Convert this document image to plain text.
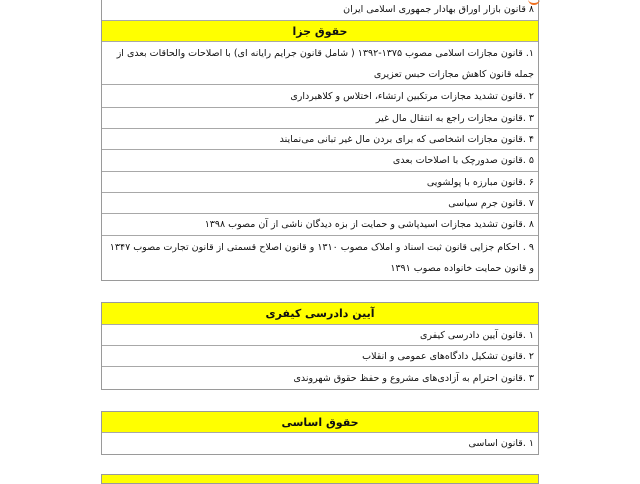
۸ قانون بازار اوراق بهادار جمهوری اسلامی ایران
حقوق جزا
۱. قانون مجازات اسلامی مصوب ۱۳۷۵-۱۳۹۲ ( شامل قانون جرایم رایانه ای) با اصلاحات والحاقات بعدی از جمله قانون کاهش مجازات حبس تعزیری
۲ .قانون تشدید مجازات مرتکبین ارتشاء، اختلاس و کلاهبرداری
۳ .قانون مجازات راجع به انتقال مال غیر
۴ .قانون مجازات اشخاصی که برای بردن مال غیر تبانی می‌نمایند
۵ .قانون صدورچک با اصلاحات بعدی
۶ .قانون مبارزه با پولشویی
۷ .قانون جرم سیاسی
۸ .قانون تشدید مجازات اسیدپاشی و حمایت از بزه دیدگان ناشی از آن مصوب ۱۳۹۸
۹ . احکام جزایی قانون ثبت اسناد و املاک مصوب ۱۳۱۰ و قانون اصلاح قسمتی از قانون تجارت مصوب ۱۳۴۷ و قانون حمایت خانواده مصوب ۱۳۹۱
آیین دادرسی کیفری
۱ .قانون آیین دادرسی کیفری
۲ .قانون تشکیل دادگاه‌های عمومی و انقلاب
۳ .قانون احترام به آزادی‌های مشروع و حفظ حقوق شهروندی
حقوق اساسی
۱ .قانون اساسی
